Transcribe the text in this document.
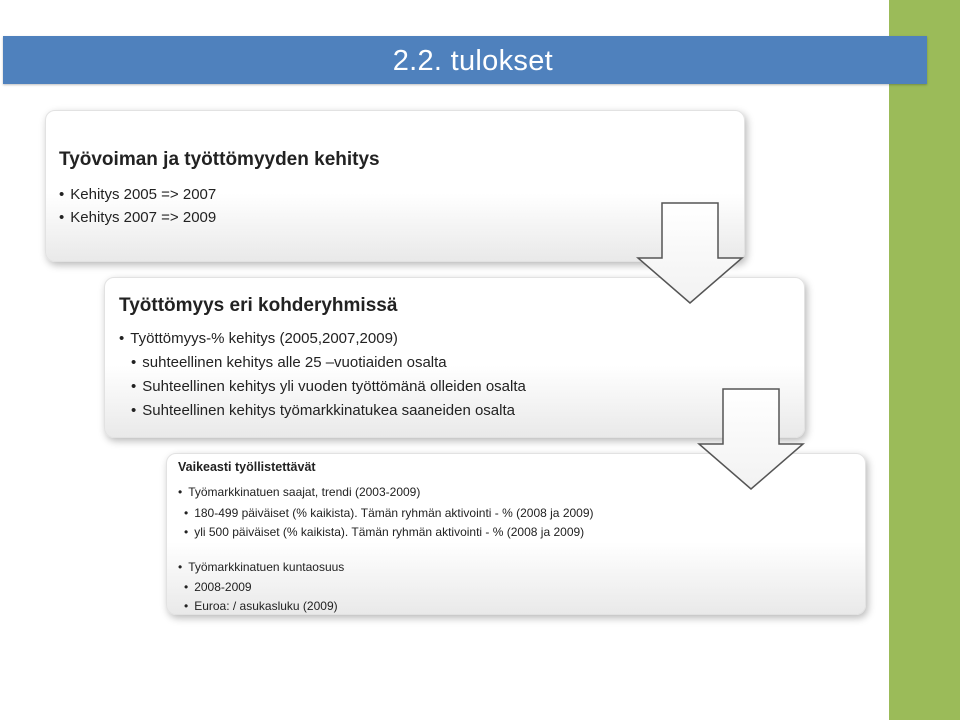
2.2. tulokset
Työvoiman ja työttömyyden kehitys
• Kehitys 2005 => 2007
• Kehitys 2007 => 2009
Työttömyys eri kohderyhmissä
• Työttömyys-% kehitys (2005,2007,2009)
• suhteellinen kehitys alle 25 –vuotiaiden osalta
• Suhteellinen kehitys yli vuoden työttömänä olleiden osalta
• Suhteellinen kehitys työmarkkinatukea saaneiden osalta
Vaikeasti työllistettävät
• Työmarkkinatuen saajat, trendi (2003-2009)
• 180-499 päiväiset (% kaikista). Tämän ryhmän aktivointi - % (2008 ja 2009)
• yli 500 päiväiset (% kaikista). Tämän ryhmän aktivointi - % (2008 ja 2009)
• Työmarkkinatuen kuntaosuus
• 2008-2009
• Euroa: / asukasluku (2009)
